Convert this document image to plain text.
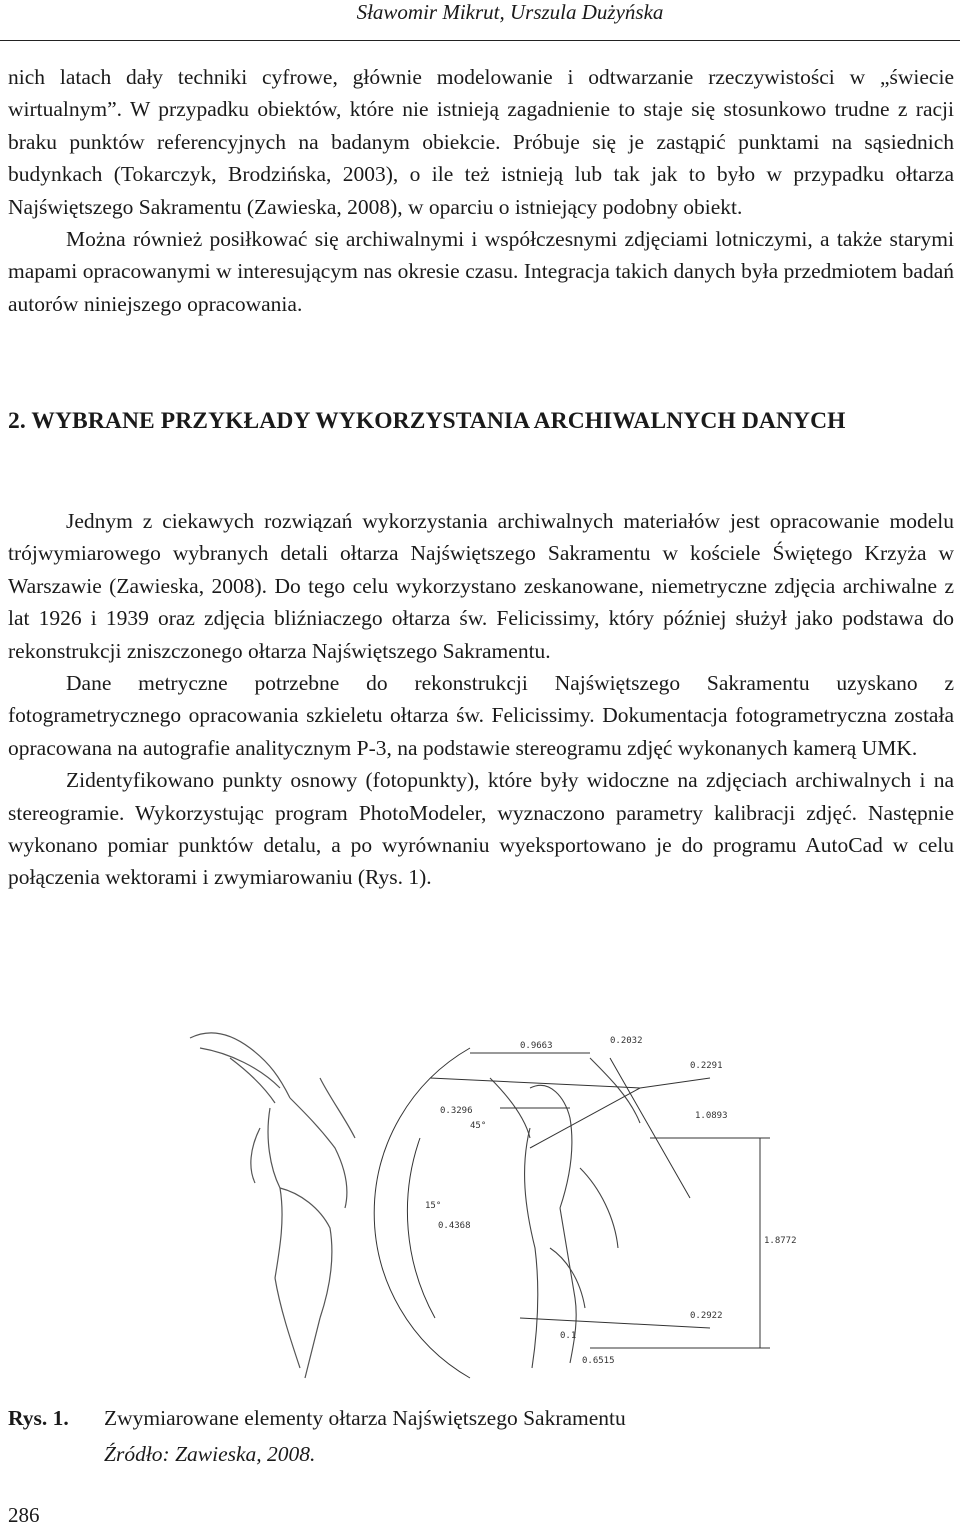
Sławomir Mikrut, Urszula Dużyńska

nich latach dały techniki cyfrowe, głównie modelowanie i odtwarzanie rzeczywistości w „świecie wirtualnym”. W przypadku obiektów, które nie istnieją zagadnienie to staje się stosunkowo trudne z racji braku punktów referencyjnych na badanym obiekcie. Próbuje się je zastąpić punktami na sąsiednich budynkach (Tokarczyk, Brodzińska, 2003), o ile też istnieją lub tak jak to było w przypadku ołtarza Najświętszego Sakramentu (Zawieska, 2008), w oparciu o istniejący podobny obiekt.

Można również posiłkować się archiwalnymi i współczesnymi zdjęciami lotniczymi, a także starymi mapami opracowanymi w interesującym nas okresie czasu. Integracja takich danych była przedmiotem badań autorów niniejszego opracowania.

2. WYBRANE PRZYKŁADY WYKORZYSTANIA ARCHIWALNYCH DANYCH

Jednym z ciekawych rozwiązań wykorzystania archiwalnych materiałów jest opracowanie modelu trójwymiarowego wybranych detali ołtarza Najświętszego Sakramentu w kościele Świętego Krzyża w Warszawie (Zawieska, 2008). Do tego celu wykorzystano zeskanowane, niemetryczne zdjęcia archiwalne z lat 1926 i 1939 oraz zdjęcia bliźniaczego ołtarza św. Felicissimy, który później służył jako podstawa do rekonstrukcji zniszczonego ołtarza Najświętszego Sakramentu.

Dane metryczne potrzebne do rekonstrukcji Najświętszego Sakramentu uzyskano z fotogrametrycznego opracowania szkieletu ołtarza św. Felicissimy. Dokumentacja fotogrametryczna została opracowana na autografie analitycznym P-3, na podstawie stereogramu zdjęć wykonanych kamerą UMK.

Zidentyfikowano punkty osnowy (fotopunkty), które były widoczne na zdjęciach archiwalnych i na stereogramie. Wykorzystując program PhotoModeler, wyznaczono parametry kalibracji zdjęć. Następnie wykonano pomiar punktów detalu, a po wyrównaniu wyeksportowano je do programu AutoCad w celu połączenia wektorami i zwymiarowaniu (Rys. 1).

0.9663	0.2032
0.2291
1.0893
0.3296
1.8772
0.4368
0.2922
0.6515
45°
15°
0.1
Rys. 1. Zwymiarowane elementy ołtarza Najświętszego Sakramentu
Źródło: Zawieska, 2008.
286
